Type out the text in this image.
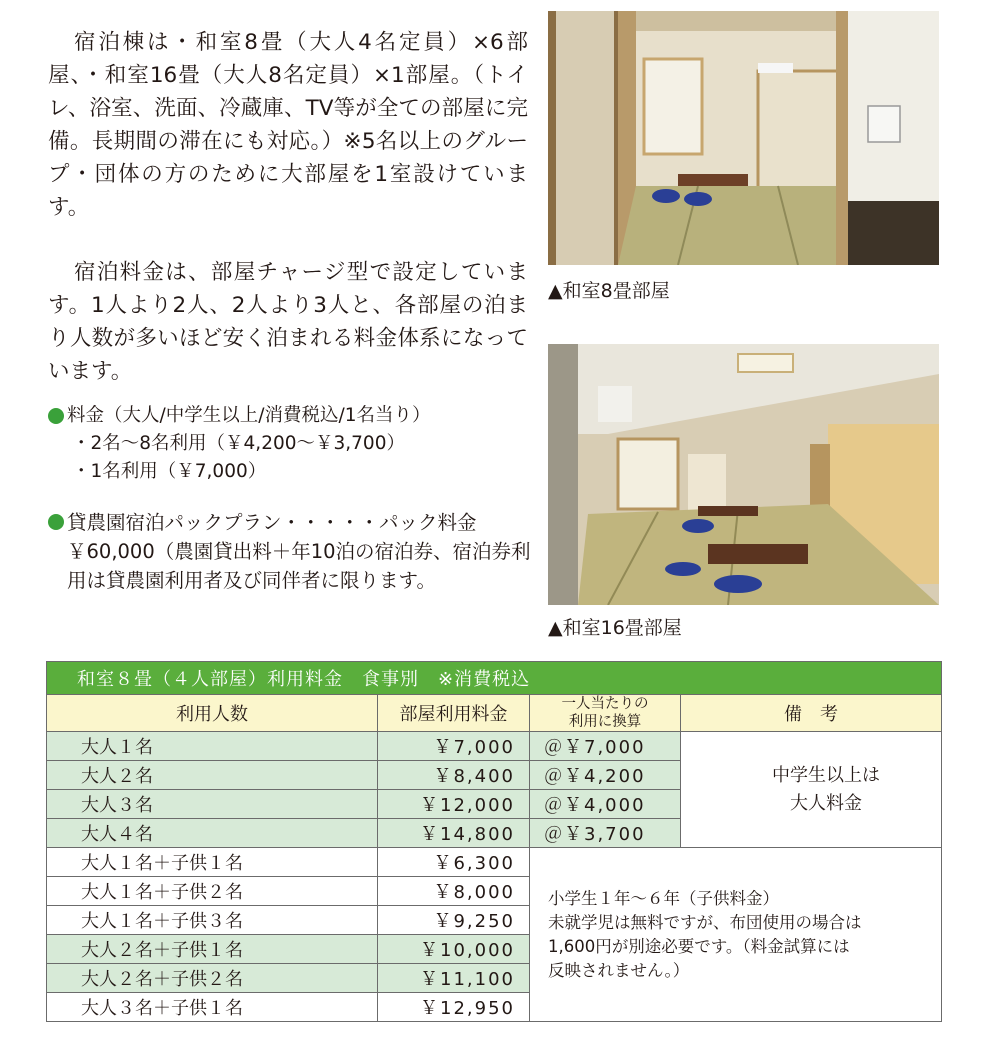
宿泊棟は・和室8畳（大人4名定員）×6部屋、・和室16畳（大人8名定員）×1部屋。（トイレ、浴室、洗面、冷蔵庫、TV等が全ての部屋に完備。長期間の滞在にも対応。）※5名以上のグループ・団体の方のために大部屋を1室設けています。

宿泊料金は、部屋チャージ型で設定しています。1人より2人、2人より3人と、各部屋の泊まり人数が多いほど安く泊まれる料金体系になっています。

料金（大人/中学生以上/消費税込/1名当り）
・2名～8名利用（￥4,200～￥3,700）
・1名利用（￥7,000）
貸農園宿泊パックプラン・・・・・パック料金￥60,000（農園貸出料＋年10泊の宿泊券、宿泊券利用は貸農園利用者及び同伴者に限ります。
▲和室8畳部屋
▲和室16畳部屋
和室８畳（４人部屋）利用料金　食事別　※消費税込			
利用人数	部屋利用料金	一人当たりの
利用に換算	備　考
大人１名	￥7,000	＠￥7,000	中学生以上は
大人料金

大人２名	￥8,400	＠￥4,200	
大人３名	￥12,000	＠￥4,000	
大人４名	￥14,800	＠￥3,700	
大人１名＋子供１名	￥6,300	小学生１年～６年（子供料金）
未就学児は無料ですが、布団使用の場合は
1,600円が別途必要です。（料金試算には
反映されません。）	

大人１名＋子供２名	￥8,000		
大人１名＋子供３名	￥9,250		
大人２名＋子供１名	￥10,000		
大人２名＋子供２名	￥11,100		
大人３名＋子供１名	￥12,950		
